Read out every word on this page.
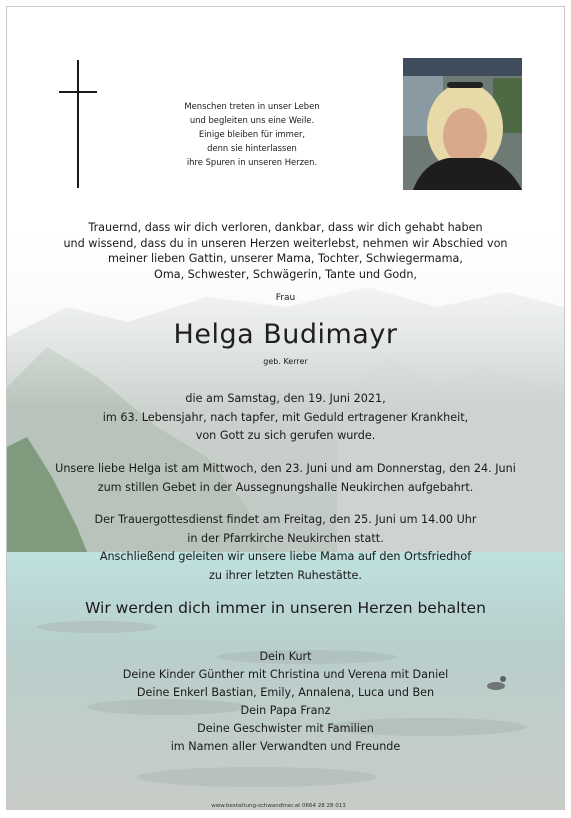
Menschen treten in unser Leben
und begleiten uns eine Weile.
Einige bleiben für immer,
denn sie hinterlassen
ihre Spuren in unseren Herzen.
Trauernd, dass wir dich verloren, dankbar, dass wir dich gehabt haben
und wissend, dass du in unseren Herzen weiterlebst, nehmen wir Abschied von
meiner lieben Gattin, unserer Mama, Tochter, Schwiegermama,
Oma, Schwester, Schwägerin, Tante und Godn,
Frau
Helga Budimayr
geb. Kerrer
die am Samstag, den 19. Juni 2021,
im 63. Lebensjahr, nach tapfer, mit Geduld ertragener Krankheit,
von Gott zu sich gerufen wurde.
Unsere liebe Helga ist am Mittwoch, den 23. Juni und am Donnerstag, den 24. Juni
zum stillen Gebet in der Aussegnungshalle Neukirchen aufgebahrt.
Der Trauergottesdienst findet am Freitag, den 25. Juni um 14.00 Uhr
in der Pfarrkirche Neukirchen statt.
Anschließend geleiten wir unsere liebe Mama auf den Ortsfriedhof
zu ihrer letzten Ruhestätte.
Wir werden dich immer in unseren Herzen behalten
Dein Kurt
Deine Kinder Günther mit Christina und Verena mit Daniel
Deine Enkerl Bastian, Emily, Annalena, Luca und Ben
Dein Papa Franz
Deine Geschwister mit Familien
im Namen aller Verwandten und Freunde
www.bestattung-schwandtner.at 0664 28 28 013
